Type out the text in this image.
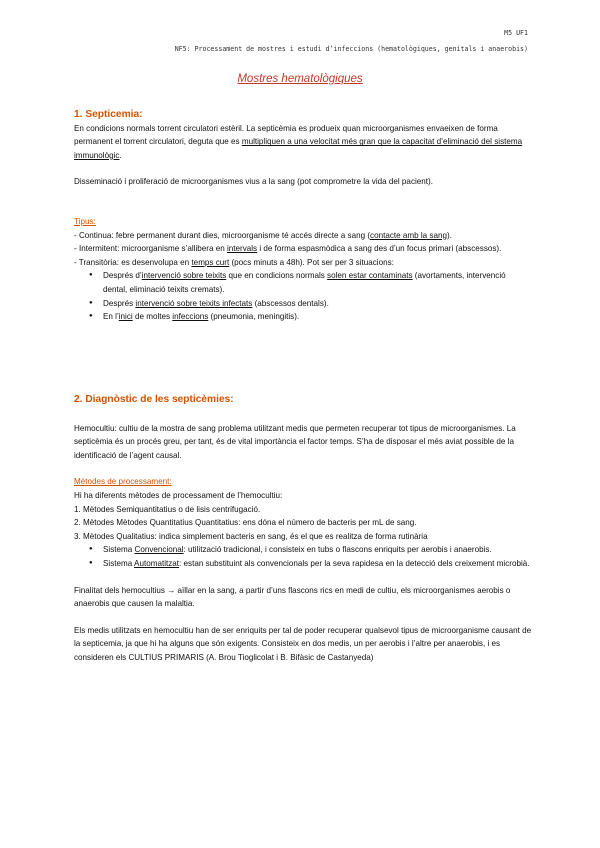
M5 UF1
NF5: Processament de mostres i estudi d’infeccions (hematològiques, genitals i anaerobis)
Mostres hematològiques
1. Septicemia:

En condicions normals torrent circulatori estèril. La septicèmia es produeix quan microorganismes envaeixen de forma permanent el torrent circulatori, deguta que es multipliquen a una velocitat més gran que la capacitat d’eliminació del sistema immunològic.

Disseminació i proliferació de microorganismes vius a la sang (pot comprometre la vida del pacient).

Tipus:

- Continua: febre permanent durant dies, microorganisme té accés directe a sang (contacte amb la sang).

- Intermitent: microorganisme s’allibera en intervals i de forma espasmòdica a sang des d’un focus primari (abscessos).

- Transitòria: es desenvolupa en temps curt (pocs minuts a 48h). Pot ser per 3 situacions:

● Després d’intervenció sobre teixits que en condicions normals solen estar contaminats (avortaments, intervenció dental, eliminació teixits cremats).

● Després intervenció sobre teixits infectats (abscessos dentals).

● En l’inici de moltes infeccions (pneumonia, meningitis).

2. Diagnòstic de les septicèmies:

Hemocultiu: cultiu de la mostra de sang problema utilitzant medis que permeten recuperar tot tipus de microorganismes. La septicèmia és un procés greu, per tant, és de vital importància el factor temps. S’ha de disposar el més aviat possible de la identificació de l’agent causal.

Mètodes de processament:

Hi ha diferents mètodes de processament de l’hemocultiu:

1. Mètodes Semiquantitatius o de lisis centrifugació.

2. Mètodes Mètodes Quantitatius Quantitatius: ens dóna el número de bacteris per mL de sang.

3. Mètodes Qualitatius: indica simplement bacteris en sang, és el que es realitza de forma rutinària

● Sistema Convencional: utilització tradicional, i consisteix en tubs o flascons enriquits per aerobis i anaerobis.

● Sistema Automatitzat: estan substituint als convencionals per la seva rapidesa en la detecció dels creixement microbià.

Finalitat dels hemocultius → aïllar en la sang, a partir d’uns flascons rics en medi de cultiu, els microorganismes aerobis o anaerobis que causen la malaltia.

Els medis utilitzats en hemocultiu han de ser enriquits per tal de poder recuperar qualsevol tipus de microorganisme causant de la septicemia, ja que hi ha alguns que són exigents. Consisteix en dos medis, un per aerobis i l’altre per anaerobis, i es consideren els CULTIUS PRIMARIS (A. Brou Tioglicolat i B. Bifàsic de Castanyeda)
